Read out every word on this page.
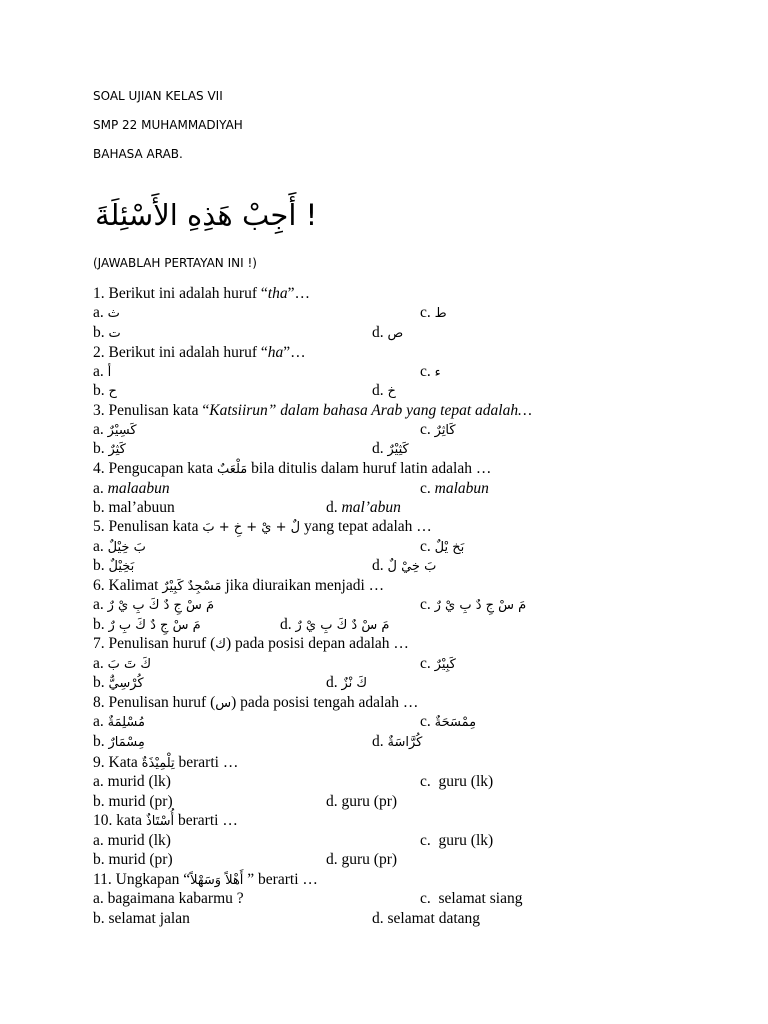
SOAL UJIAN KELAS VII
SMP 22 MUHAMMADIYAH
BAHASA ARAB.
! أَجِبْ هَذِهِ الأَسْئِلَةَ
(JAWABLAH PERTAYAN INI !)
1. Berikut ini adalah huruf “tha”…
a. ث	c. ط
b. ت	d. ص
2. Berikut ini adalah huruf “ha”…
a. أ	c. ء
b. ح	d. خ
3. Penulisan kata “Katsiirun” dalam bahasa Arab yang tepat adalah…
a. كَسِيْرٌ	c. كَاثِرٌ
b. كَثِرٌ	d. كَثِيْرٌ
4. Pengucapan kata مَلْعَبٌ bila ditulis dalam huruf latin adalah …
a. malaabun	c. malabun
b. mal’abuun	d. mal’abun
5. Penulisan kata لٌ + يْ + خِ + بَ yang tepat adalah …
a. بَ خِيْلٌ	c. بَخ يْلٌ
b. بَخِيْلٌ	d. بَ خِيْ لٌ
6. Kalimat مَسْجِدٌ كَبِيْرٌ jika diuraikan menjadi …
a. مَ سْ جِ دٌ كَ بِ يْ رٌ	c. مَ سْ جِ دٌ بِ يْ رٌ
b. مَ سْ جِ دٌ كَ بِ رٌ	d. مَ سْ دٌ كَ بِ يْ رٌ
7. Penulisan huruf (ك) pada posisi depan adalah …
a. كَ تَ بَ	c. كَبِيْرٌ
b. كُرْسِيٌّ	d. كَ نْزٌ
8. Penulisan huruf (س) pada posisi tengah adalah …
a. مُسْلِمَةٌ	c. مِمْسَحَةٌ
b. مِسْمَارٌ	d. كُرَّاسَةٌ
9. Kata تِلْمِيْذَةٌ berarti …
a. murid (lk)	c. guru (lk)
b. murid (pr)	d. guru (pr)
10. kata أُسْتَاذٌ berarti …
a. murid (lk)	c. guru (lk)
b. murid (pr)	d. guru (pr)
11. Ungkapan “أَهْلاً وَسَهْلاً ” berarti …
a. bagaimana kabarmu ?	c. selamat siang
b. selamat jalan	d. selamat datang
